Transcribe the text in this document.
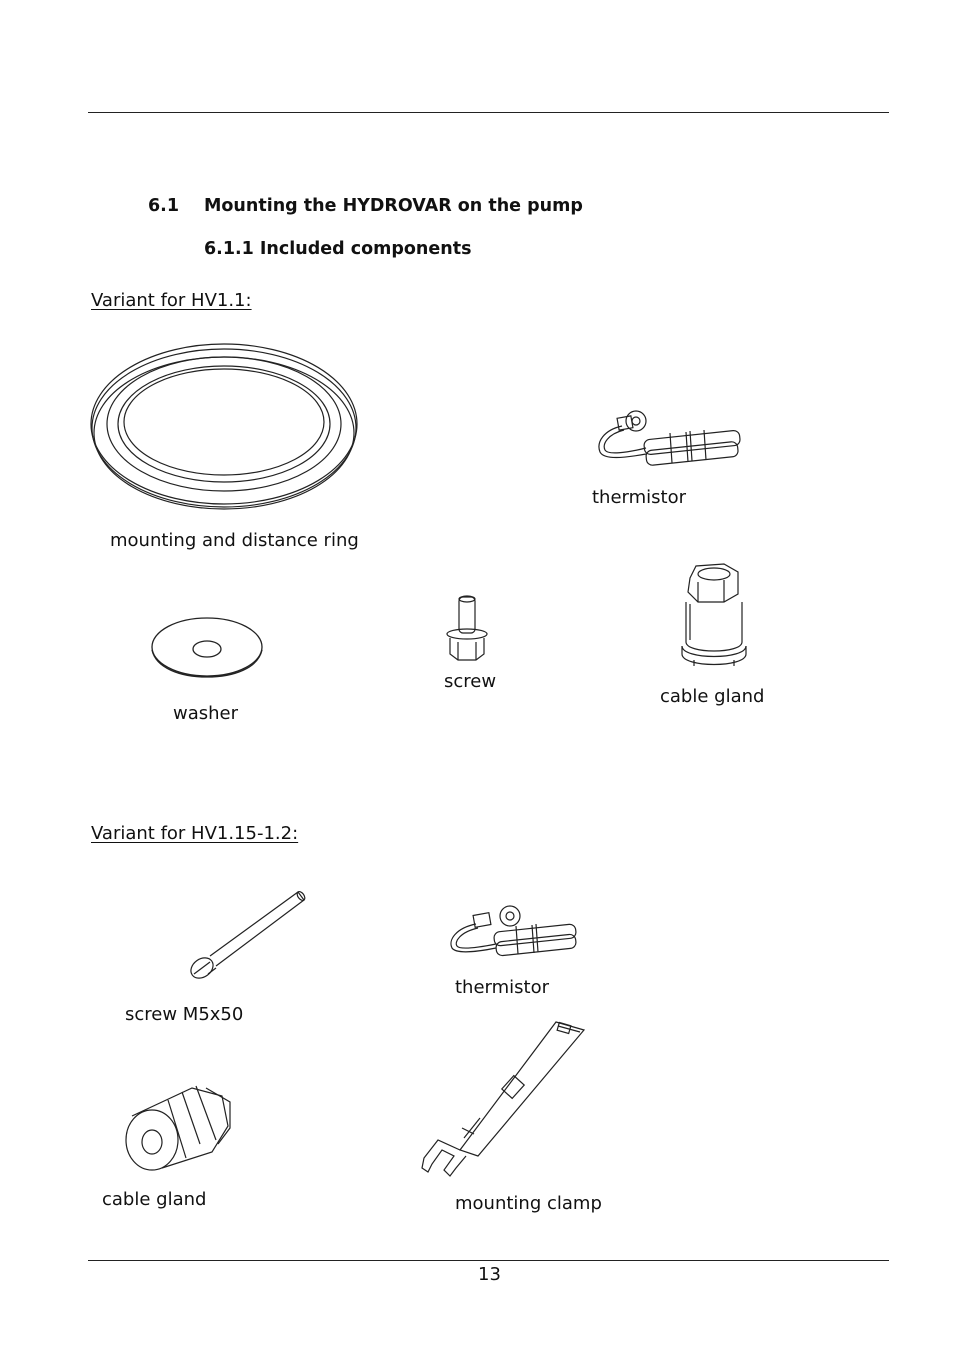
6.1 Mounting the HYDROVAR on the pump
6.1.1 Included components
Variant for HV1.1:
mounting and distance ring
thermistor
washer
screw
cable gland
Variant for HV1.15-1.2:
screw M5x50
thermistor
cable gland	mounting clamp
13
